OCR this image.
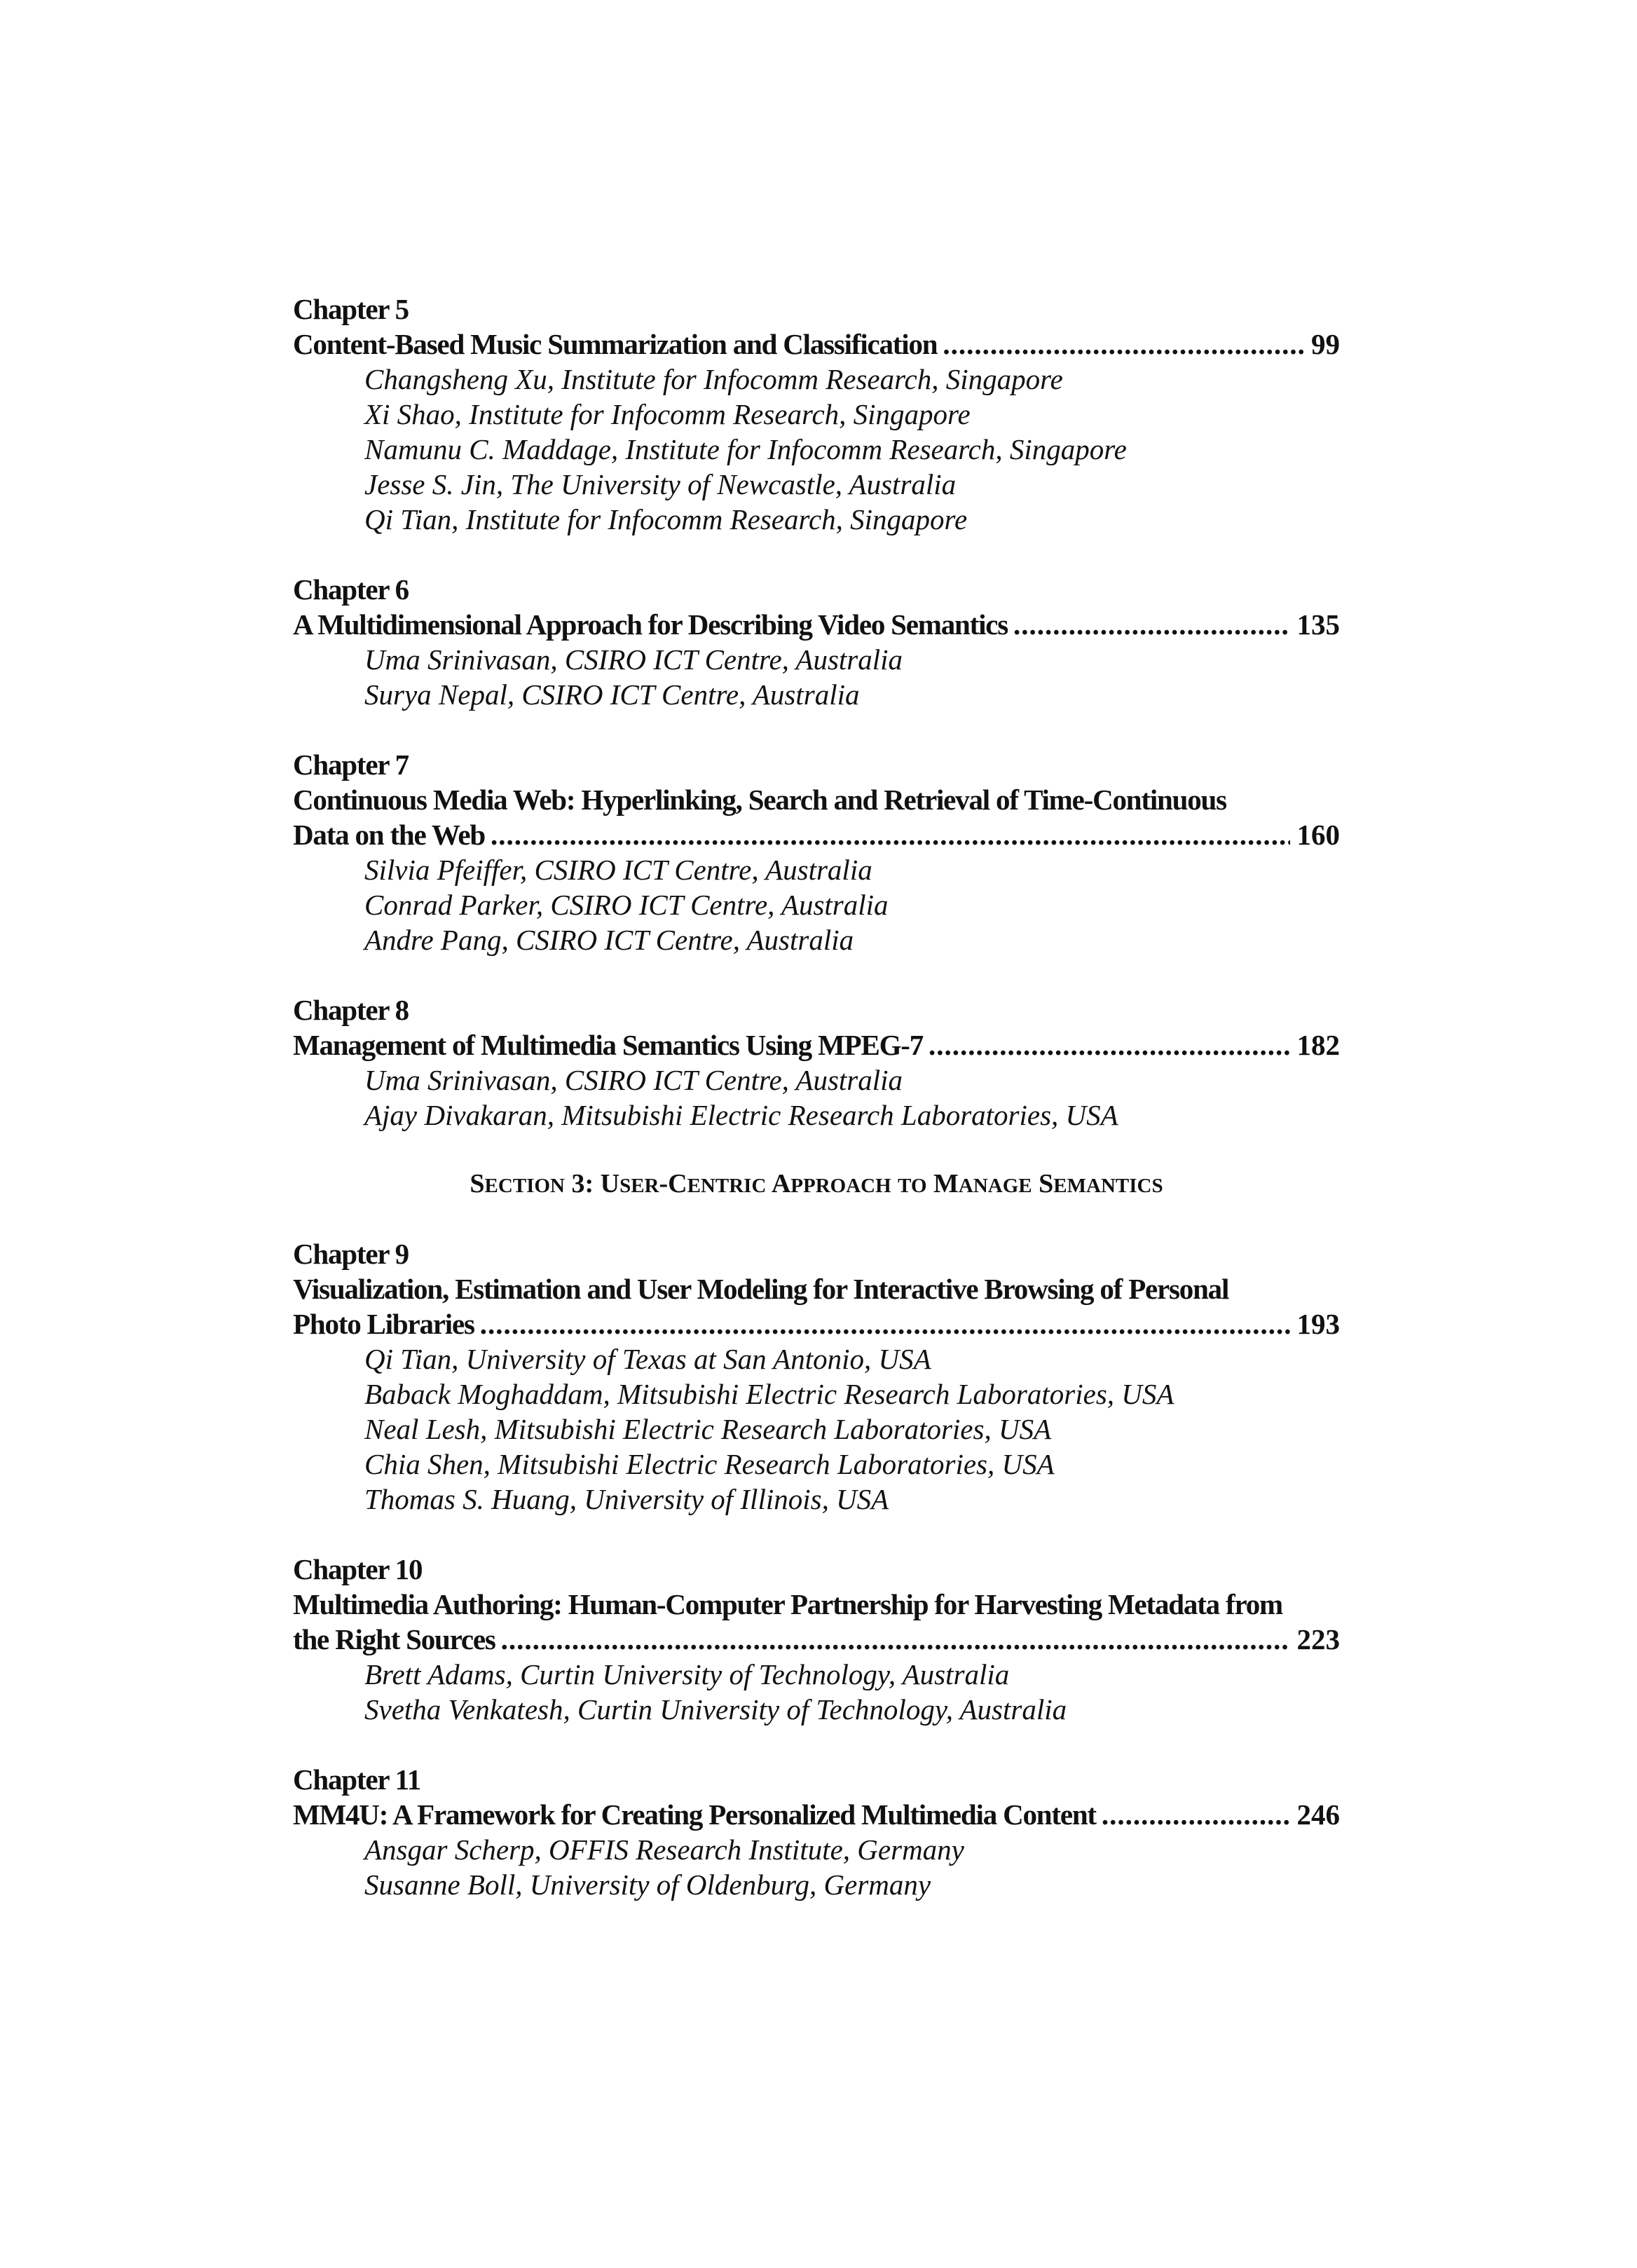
Chapter 5
Content-Based Music Summarization and Classification .....	99
Changsheng Xu, Institute for Infocomm Research, Singapore
Xi Shao, Institute for Infocomm Research, Singapore
Namunu C. Maddage, Institute for Infocomm Research, Singapore
Jesse S. Jin, The University of Newcastle, Australia
Qi Tian, Institute for Infocomm Research, Singapore
Chapter 6
A Multidimensional Approach for Describing Video Semantics .....	135
Uma Srinivasan, CSIRO ICT Centre, Australia
Surya Nepal, CSIRO ICT Centre, Australia
Chapter 7
Continuous Media Web: Hyperlinking, Search and Retrieval of Time-Continuous
Data on the Web .....	160
Silvia Pfeiffer, CSIRO ICT Centre, Australia
Conrad Parker, CSIRO ICT Centre, Australia
Andre Pang, CSIRO ICT Centre, Australia
Chapter 8
Management of Multimedia Semantics Using MPEG-7 .....	182
Uma Srinivasan, CSIRO ICT Centre, Australia
Ajay Divakaran, Mitsubishi Electric Research Laboratories, USA
SECTION 3: USER-CENTRIC APPROACH TO MANAGE SEMANTICS
Chapter 9
Visualization, Estimation and User Modeling for Interactive Browsing of Personal
Photo Libraries .....	193
Qi Tian, University of Texas at San Antonio, USA
Baback Moghaddam, Mitsubishi Electric Research Laboratories, USA
Neal Lesh, Mitsubishi Electric Research Laboratories, USA
Chia Shen, Mitsubishi Electric Research Laboratories, USA
Thomas S. Huang, University of Illinois, USA
Chapter 10
Multimedia Authoring: Human-Computer Partnership for Harvesting Metadata from
the Right Sources .....	223
Brett Adams, Curtin University of Technology, Australia
Svetha Venkatesh, Curtin University of Technology, Australia
Chapter 11
MM4U: A Framework for Creating Personalized Multimedia Content .....	246
Ansgar Scherp, OFFIS Research Institute, Germany
Susanne Boll, University of Oldenburg, Germany
